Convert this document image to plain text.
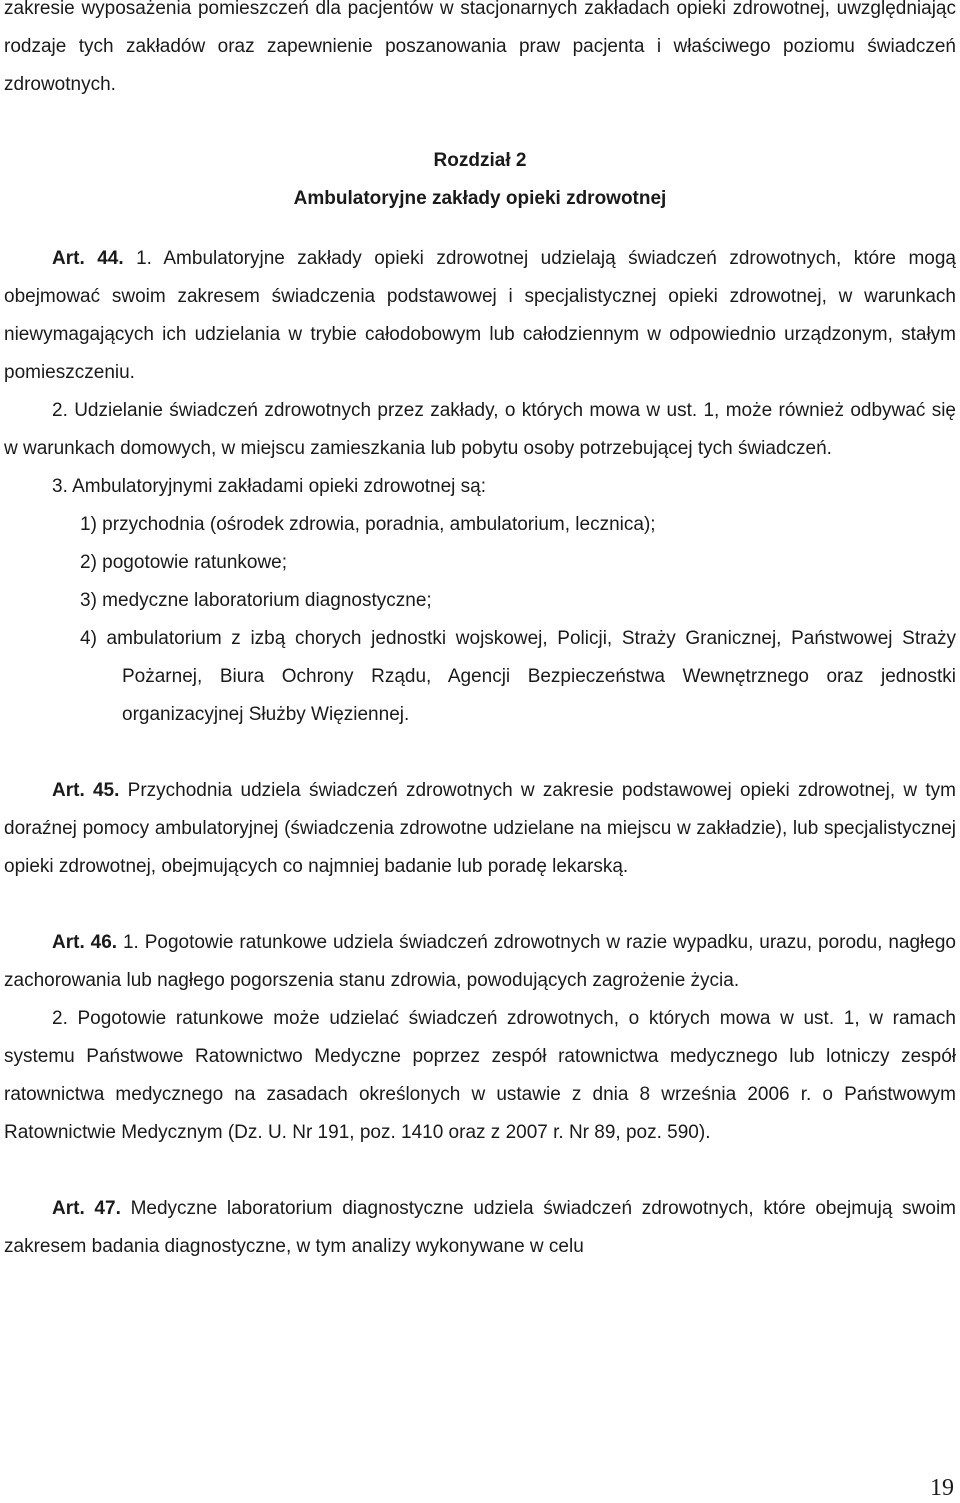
zakresie wyposażenia pomieszczeń dla pacjentów w stacjonarnych zakładach opieki zdrowotnej, uwzględniając rodzaje tych zakładów oraz zapewnienie poszanowania praw pacjenta i właściwego poziomu świadczeń zdrowotnych.

Rozdział 2

Ambulatoryjne zakłady opieki zdrowotnej

Art. 44. 1. Ambulatoryjne zakłady opieki zdrowotnej udzielają świadczeń zdrowotnych, które mogą obejmować swoim zakresem świadczenia podstawowej i specjalistycznej opieki zdrowotnej, w warunkach niewymagających ich udzielania w trybie całodobowym lub całodziennym w odpowiednio urządzonym, stałym pomieszczeniu.

2. Udzielanie świadczeń zdrowotnych przez zakłady, o których mowa w ust. 1, może również odbywać się w warunkach domowych, w miejscu zamieszkania lub pobytu osoby potrzebującej tych świadczeń.

3. Ambulatoryjnymi zakładami opieki zdrowotnej są:

1) przychodnia (ośrodek zdrowia, poradnia, ambulatorium, lecznica);

2) pogotowie ratunkowe;

3) medyczne laboratorium diagnostyczne;

4) ambulatorium z izbą chorych jednostki wojskowej, Policji, Straży Granicznej, Państwowej Straży Pożarnej, Biura Ochrony Rządu, Agencji Bezpieczeństwa Wewnętrznego oraz jednostki organizacyjnej Służby Więziennej.

Art. 45. Przychodnia udziela świadczeń zdrowotnych w zakresie podstawowej opieki zdrowotnej, w tym doraźnej pomocy ambulatoryjnej (świadczenia zdrowotne udzielane na miejscu w zakładzie), lub specjalistycznej opieki zdrowotnej, obejmujących co najmniej badanie lub poradę lekarską.

Art. 46. 1. Pogotowie ratunkowe udziela świadczeń zdrowotnych w razie wypadku, urazu, porodu, nagłego zachorowania lub nagłego pogorszenia stanu zdrowia, powodujących zagrożenie życia.

2. Pogotowie ratunkowe może udzielać świadczeń zdrowotnych, o których mowa w ust. 1, w ramach systemu Państwowe Ratownictwo Medyczne poprzez zespół ratownictwa medycznego lub lotniczy zespół ratownictwa medycznego na zasadach określonych w ustawie z dnia 8 września 2006 r. o Państwowym Ratownictwie Medycznym (Dz. U. Nr 191, poz. 1410 oraz z 2007 r. Nr 89, poz. 590).

Art. 47. Medyczne laboratorium diagnostyczne udziela świadczeń zdrowotnych, które obejmują swoim zakresem badania diagnostyczne, w tym analizy wykonywane w celu

19
